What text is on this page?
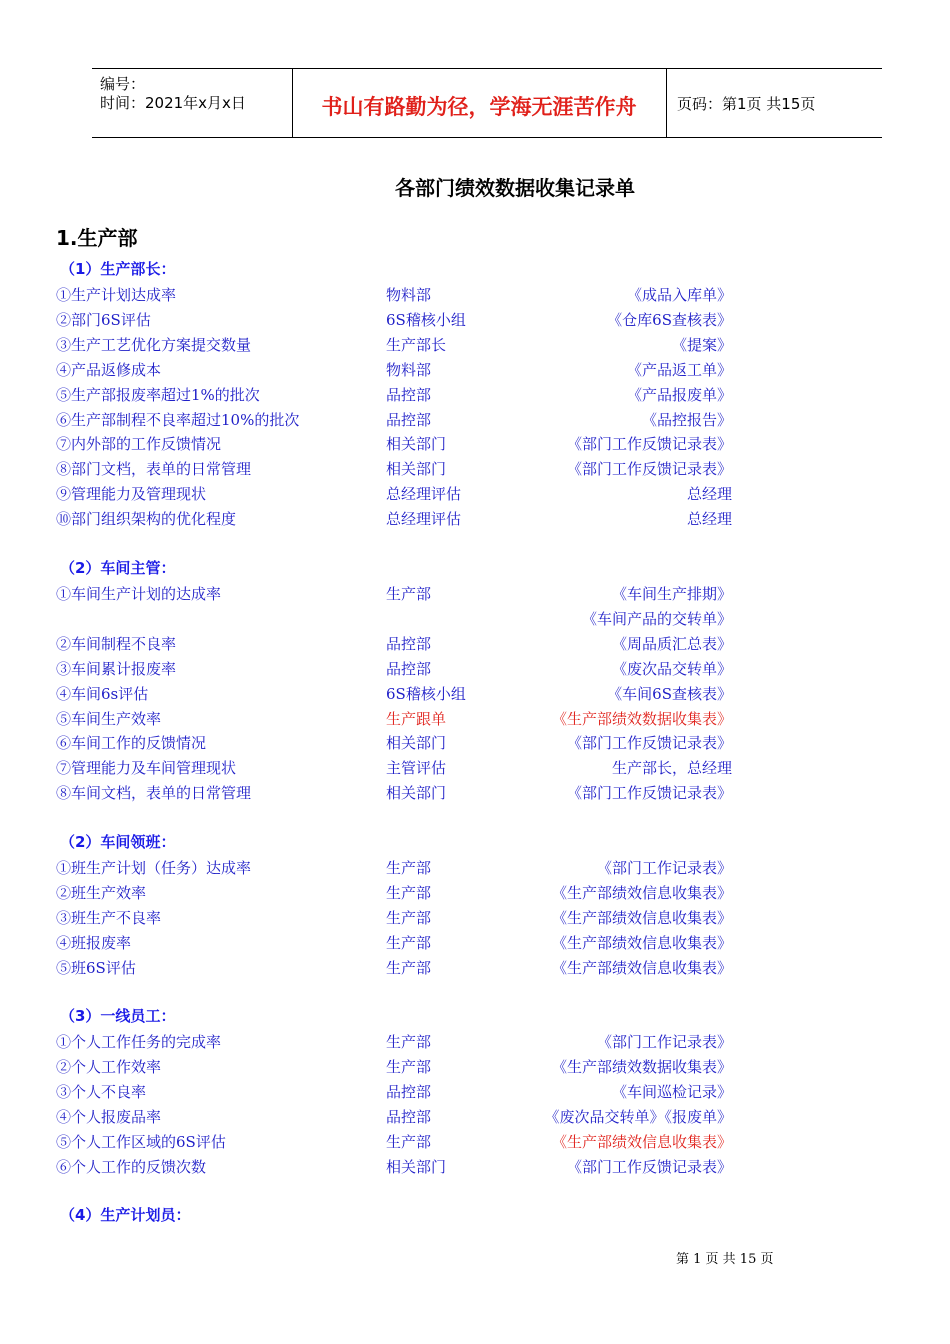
编号：
时间：2021年x月x日	书山有路勤为径，学海无涯苦作舟	页码：第1页 共15页
各部门绩效数据收集记录单
1.生产部
（1）生产部长：
①生产计划达成率	物料部	《成品入库单》
②部门6S评估	6S稽核小组	《仓库6S查核表》
③生产工艺优化方案提交数量	生产部长	《提案》
④产品返修成本	物料部	《产品返工单》
⑤生产部报废率超过1%的批次	品控部	《产品报废单》
⑥生产部制程不良率超过10%的批次	品控部	《品控报告》
⑦内外部的工作反馈情况	相关部门	《部门工作反馈记录表》
⑧部门文档，表单的日常管理	相关部门	《部门工作反馈记录表》
⑨管理能力及管理现状	总经理评估	总经理
⑩部门组织架构的优化程度	总经理评估	总经理
（2）车间主管：
①车间生产计划的达成率	生产部	《车间生产排期》
《车间产品的交转单》
②车间制程不良率	品控部	《周品质汇总表》
③车间累计报废率	品控部	《废次品交转单》
④车间6s评估	6S稽核小组	《车间6S查核表》
⑤车间生产效率	生产跟单	《生产部绩效数据收集表》
⑥车间工作的反馈情况	相关部门	《部门工作反馈记录表》
⑦管理能力及车间管理现状	主管评估	生产部长，总经理
⑧车间文档，表单的日常管理	相关部门	《部门工作反馈记录表》
（2）车间领班：
①班生产计划（任务）达成率	生产部	《部门工作记录表》
②班生产效率	生产部	《生产部绩效信息收集表》
③班生产不良率	生产部	《生产部绩效信息收集表》
④班报废率	生产部	《生产部绩效信息收集表》
⑤班6S评估	生产部	《生产部绩效信息收集表》
（3）一线员工：
①个人工作任务的完成率	生产部	《部门工作记录表》
②个人工作效率	生产部	《生产部绩效数据收集表》
③个人不良率	品控部	《车间巡检记录》
④个人报废品率	品控部	《废次品交转单》《报废单》
⑤个人工作区域的6S评估	生产部	《生产部绩效信息收集表》
⑥个人工作的反馈次数	相关部门	《部门工作反馈记录表》
（4）生产计划员：
第 1 页 共 15 页
